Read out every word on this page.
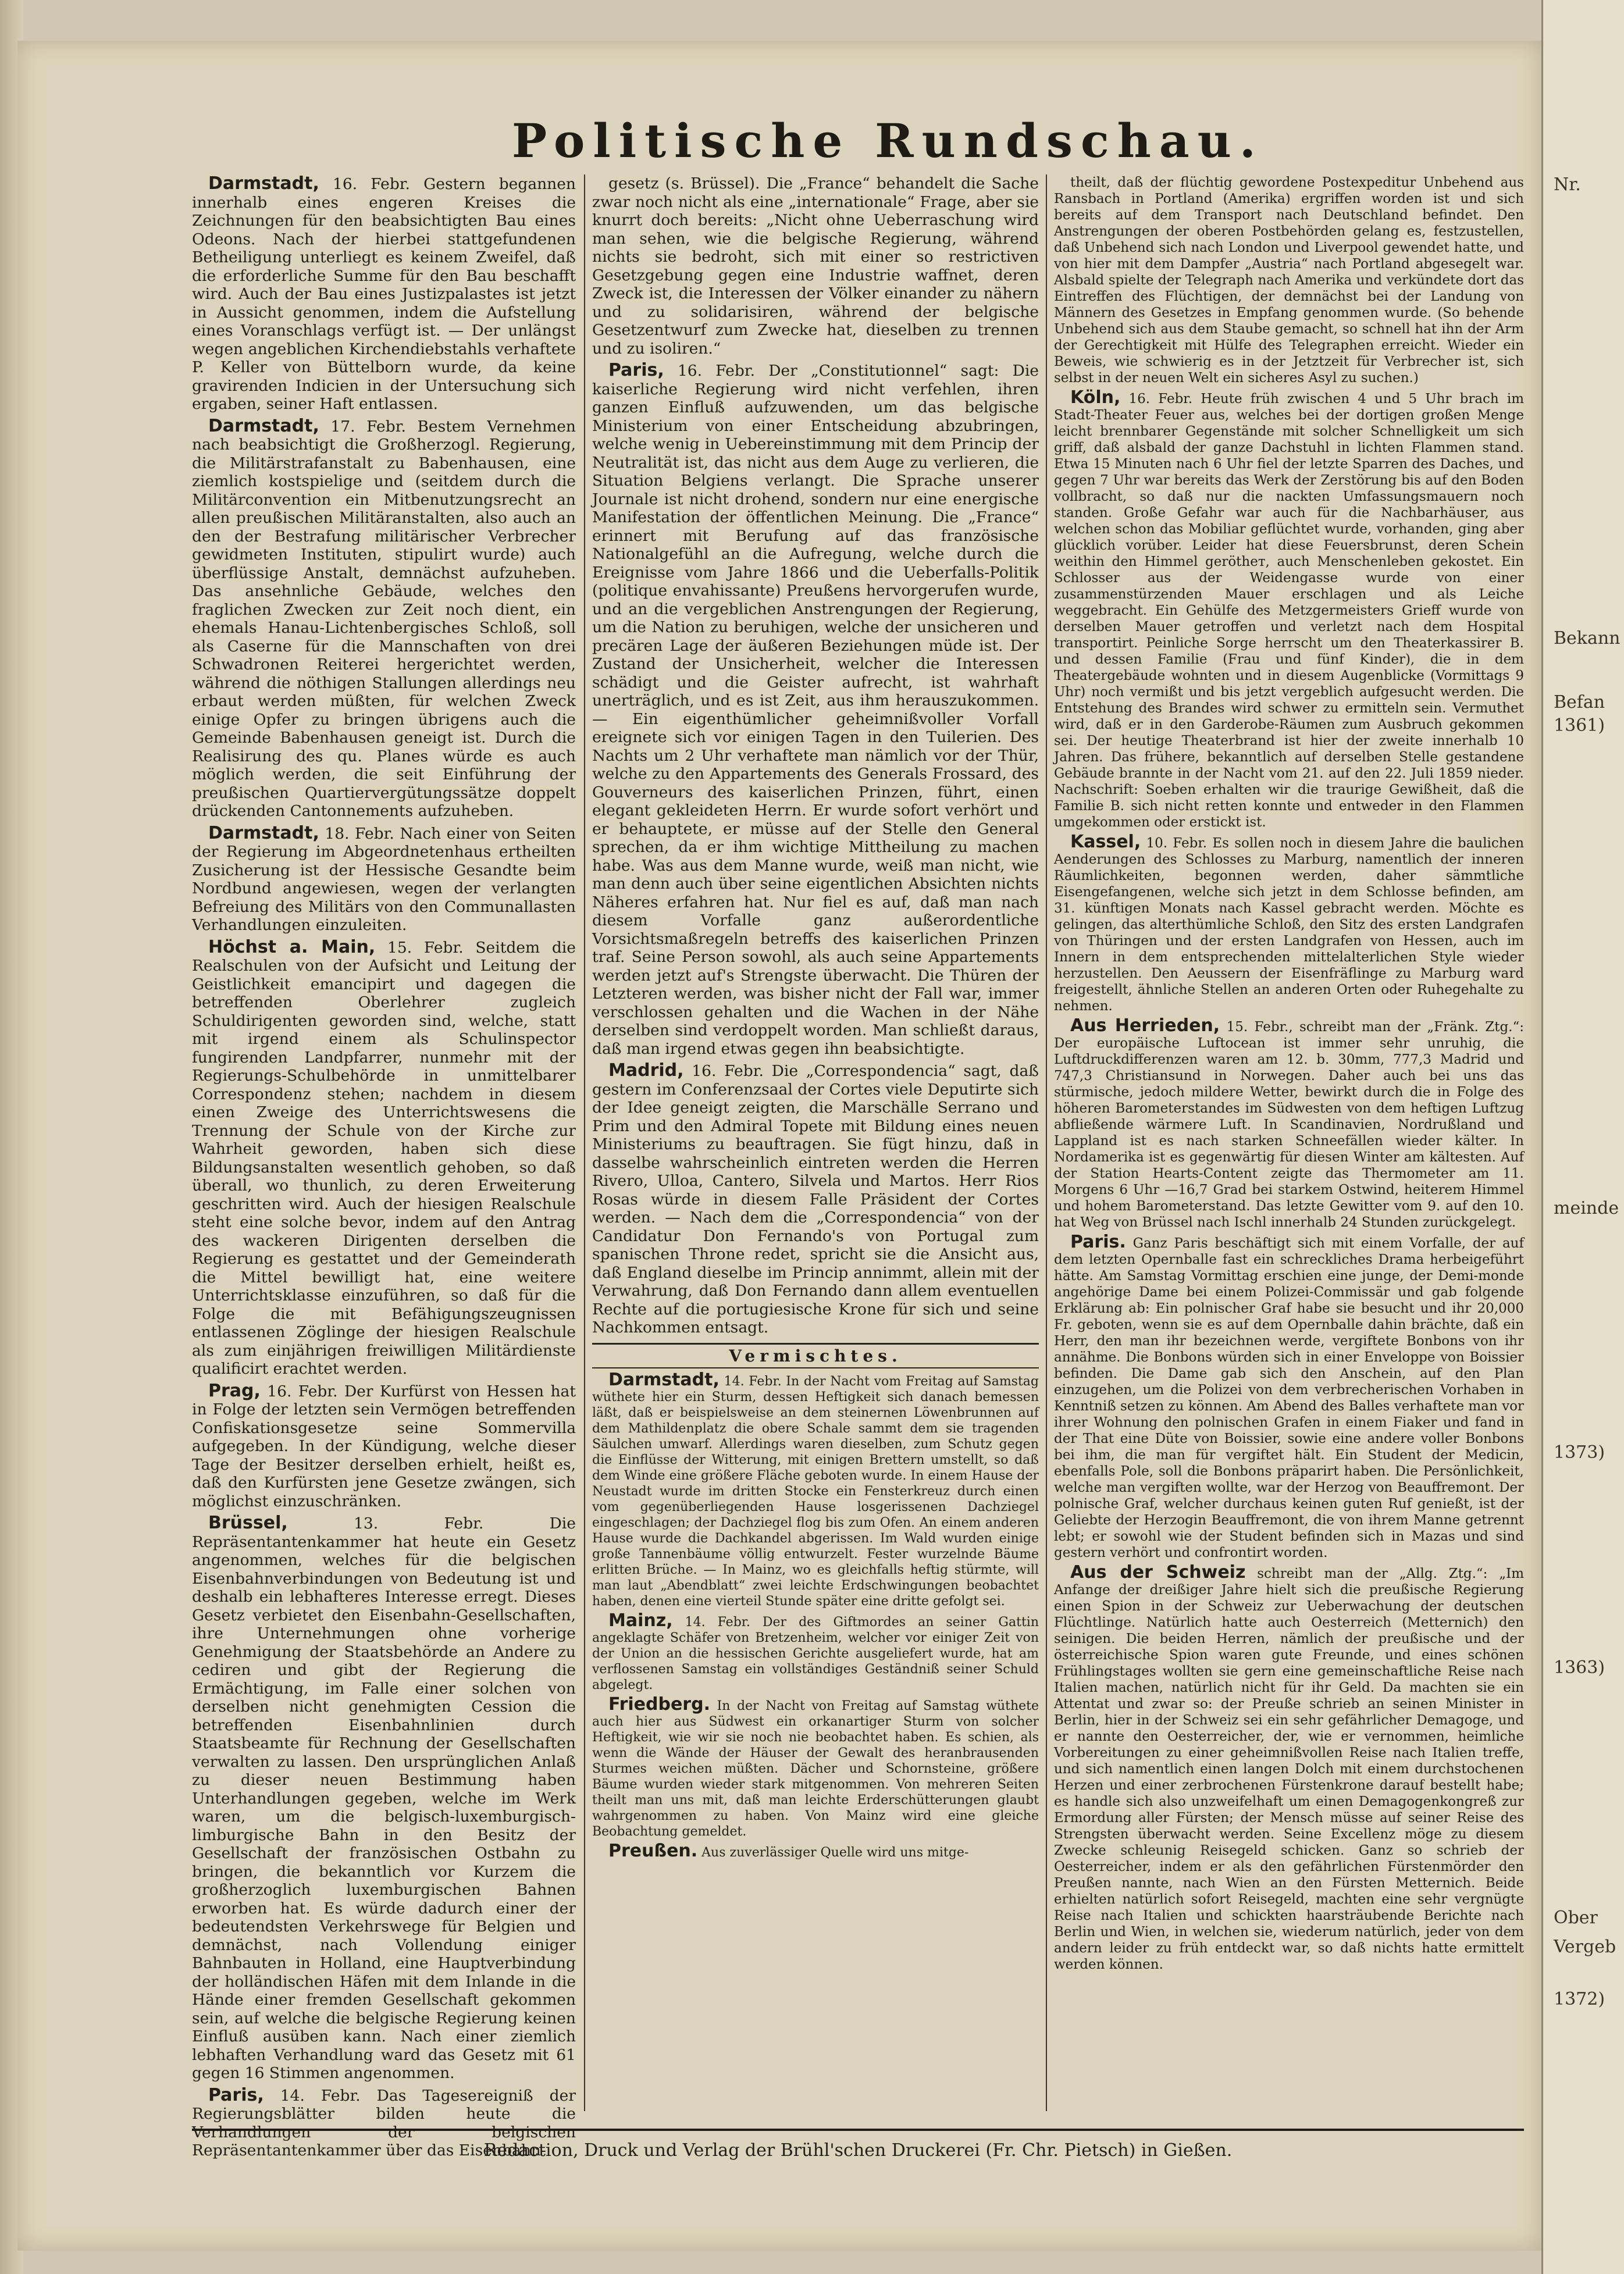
Politische Rundschau.

Darmstadt, 16. Febr. Gestern begannen innerhalb eines engeren Kreises die Zeichnungen für den beabsichtigten Bau eines Odeons. Nach der hierbei stattgefundenen Betheiligung unterliegt es keinem Zweifel, daß die erforderliche Summe für den Bau beschafft wird. Auch der Bau eines Justizpalastes ist jetzt in Aussicht genommen, indem die Aufstellung eines Voranschlags verfügt ist. — Der unlängst wegen angeblichen Kirchendiebstahls verhaftete P. Keller von Büttelborn wurde, da keine gravirenden Indicien in der Untersuchung sich ergaben, seiner Haft entlassen.

Darmstadt, 17. Febr. Bestem Vernehmen nach beabsichtigt die Großherzogl. Regierung, die Militärstrafanstalt zu Babenhausen, eine ziemlich kostspielige und (seitdem durch die Militärconvention ein Mitbenutzungsrecht an allen preußischen Militäranstalten, also auch an den der Bestrafung militärischer Verbrecher gewidmeten Instituten, stipulirt wurde) auch überflüssige Anstalt, demnächst aufzuheben. Das ansehnliche Gebäude, welches den fraglichen Zwecken zur Zeit noch dient, ein ehemals Hanau-Lichtenbergisches Schloß, soll als Caserne für die Mannschaften von drei Schwadronen Reiterei hergerichtet werden, während die nöthigen Stallungen allerdings neu erbaut werden müßten, für welchen Zweck einige Opfer zu bringen übrigens auch die Gemeinde Babenhausen geneigt ist. Durch die Realisirung des qu. Planes würde es auch möglich werden, die seit Einführung der preußischen Quartiervergütungssätze doppelt drückenden Cantonnements aufzuheben.

Darmstadt, 18. Febr. Nach einer von Seiten der Regierung im Abgeordnetenhaus ertheilten Zusicherung ist der Hessische Gesandte beim Nordbund angewiesen, wegen der verlangten Befreiung des Militärs von den Communallasten Verhandlungen einzuleiten.

Höchst a. Main, 15. Febr. Seitdem die Realschulen von der Aufsicht und Leitung der Geistlichkeit emancipirt und dagegen die betreffenden Oberlehrer zugleich Schuldirigenten geworden sind, welche, statt mit irgend einem als Schulinspector fungirenden Landpfarrer, nunmehr mit der Regierungs-Schulbehörde in unmittelbarer Correspondenz stehen; nachdem in diesem einen Zweige des Unterrichtswesens die Trennung der Schule von der Kirche zur Wahrheit geworden, haben sich diese Bildungsanstalten wesentlich gehoben, so daß überall, wo thunlich, zu deren Erweiterung geschritten wird. Auch der hiesigen Realschule steht eine solche bevor, indem auf den Antrag des wackeren Dirigenten derselben die Regierung es gestattet und der Gemeinderath die Mittel bewilligt hat, eine weitere Unterrichtsklasse einzuführen, so daß für die Folge die mit Befähigungszeugnissen entlassenen Zöglinge der hiesigen Realschule als zum einjährigen freiwilligen Militärdienste qualificirt erachtet werden.

Prag, 16. Febr. Der Kurfürst von Hessen hat in Folge der letzten sein Vermögen betreffenden Confiskationsgesetze seine Sommervilla aufgegeben. In der Kündigung, welche dieser Tage der Besitzer derselben erhielt, heißt es, daß den Kurfürsten jene Gesetze zwängen, sich möglichst einzuschränken.

Brüssel,	13. Febr.	Die Repräsentantenkammer hat heute ein Gesetz angenommen, welches für die belgischen Eisenbahnverbindungen von Bedeutung ist und deshalb ein lebhafteres Interesse erregt. Dieses Gesetz verbietet den Eisenbahn-Gesellschaften, ihre Unternehmungen ohne vorherige Genehmigung der Staatsbehörde an Andere zu cediren und gibt der Regierung die Ermächtigung, im Falle einer solchen von derselben nicht genehmigten Cession die betreffenden Eisenbahnlinien durch Staatsbeamte für Rechnung der Gesellschaften verwalten zu lassen. Den ursprünglichen Anlaß zu dieser neuen Bestimmung haben Unterhandlungen gegeben, welche im Werk waren, um die belgisch-luxemburgisch-limburgische Bahn in den Besitz der Gesellschaft der französischen Ostbahn zu bringen, die bekanntlich vor Kurzem die großherzoglich luxemburgischen Bahnen erworben hat. Es würde dadurch einer der bedeutendsten Verkehrswege für Belgien und demnächst, nach Vollendung einiger Bahnbauten in Holland, eine Hauptverbindung der holländischen Häfen mit dem Inlande in die Hände einer fremden Gesellschaft gekommen sein, auf welche die belgische Regierung keinen Einfluß ausüben kann. Nach einer ziemlich lebhaften Verhandlung ward das Gesetz mit 61 gegen 16 Stimmen angenommen.

Paris, 14. Febr. Das Tagesereigniß der Regierungsblätter bilden heute die Verhandlungen der belgischen Repräsentantenkammer über das Eisenbahn-

gesetz (s. Brüssel). Die „France“ behandelt die Sache zwar noch nicht als eine „internationale“ Frage, aber sie knurrt doch bereits: „Nicht ohne Ueberraschung wird man sehen, wie die belgische Regierung, während nichts sie bedroht, sich mit einer so restrictiven Gesetzgebung gegen eine Industrie waffnet, deren Zweck ist, die Interessen der Völker einander zu nähern und zu solidarisiren, während der belgische Gesetzentwurf zum Zwecke hat, dieselben zu trennen und zu isoliren.“

Paris, 16. Febr. Der „Constitutionnel“ sagt: Die kaiserliche Regierung wird nicht verfehlen, ihren ganzen Einfluß aufzuwenden, um das belgische Ministerium von einer Entscheidung abzubringen, welche wenig in Uebereinstimmung mit dem Princip der Neutralität ist, das nicht aus dem Auge zu verlieren, die Situation Belgiens verlangt. Die Sprache unserer Journale ist nicht drohend, sondern nur eine energische Manifestation der öffentlichen Meinung. Die „France“ erinnert mit Berufung auf das französische Nationalgefühl an die Aufregung, welche durch die Ereignisse vom Jahre 1866 und die Ueberfalls-Politik (politique envahissante) Preußens hervorgerufen wurde, und an die vergeblichen Anstrengungen der Regierung, um die Nation zu beruhigen, welche der unsicheren und precären Lage der äußeren Beziehungen müde ist. Der Zustand der Unsicherheit, welcher die Interessen schädigt und die Geister aufrecht, ist wahrhaft unerträglich, und es ist Zeit, aus ihm herauszukommen. — Ein eigenthümlicher geheimnißvoller Vorfall ereignete sich vor einigen Tagen in den Tuilerien. Des Nachts um 2 Uhr verhaftete man nämlich vor der Thür, welche zu den Appartements des Generals Frossard, des Gouverneurs des kaiserlichen Prinzen, führt, einen elegant gekleideten Herrn. Er wurde sofort verhört und er behauptete, er müsse auf der Stelle den General sprechen, da er ihm wichtige Mittheilung zu machen habe. Was aus dem Manne wurde, weiß man nicht, wie man denn auch über seine eigentlichen Absichten nichts Näheres erfahren hat. Nur fiel es auf, daß man nach diesem Vorfalle ganz außerordentliche Vorsichtsmaßregeln betreffs des kaiserlichen Prinzen traf. Seine Person sowohl, als auch seine Appartements werden jetzt auf's Strengste überwacht. Die Thüren der Letzteren werden, was bisher nicht der Fall war, immer verschlossen gehalten und die Wachen in der Nähe derselben sind verdoppelt worden. Man schließt daraus, daß man irgend etwas gegen ihn beabsichtigte.

Madrid, 16. Febr. Die „Correspondencia“ sagt, daß gestern im Conferenzsaal der Cortes viele Deputirte sich der Idee geneigt zeigten, die Marschälle Serrano und Prim und den Admiral Topete mit Bildung eines neuen Ministeriums zu beauftragen. Sie fügt hinzu, daß in dasselbe wahrscheinlich eintreten werden die Herren Rivero, Ulloa, Cantero, Silvela und Martos. Herr Rios Rosas würde in diesem Falle Präsident der Cortes werden. — Nach dem die „Correspondencia“ von der Candidatur Don Fernando's von Portugal zum spanischen Throne redet, spricht sie die Ansicht aus, daß England dieselbe im Princip annimmt, allein mit der Verwahrung, daß Don Fernando dann allem eventuellen Rechte auf die portugiesische Krone für sich und seine Nachkommen entsagt.

Vermischtes.

Darmstadt, 14. Febr. In der Nacht vom Freitag auf Samstag wüthete hier ein Sturm, dessen Heftigkeit sich danach bemessen läßt, daß er beispielsweise an dem steinernen Löwenbrunnen auf dem Mathildenplatz die obere Schale sammt dem sie tragenden Säulchen umwarf. Allerdings waren dieselben, zum Schutz gegen die Einflüsse der Witterung, mit einigen Brettern umstellt, so daß dem Winde eine größere Fläche geboten wurde. In einem Hause der Neustadt wurde im dritten Stocke ein Fensterkreuz durch einen vom gegenüberliegenden Hause losgerissenen Dachziegel eingeschlagen; der Dachziegel flog bis zum Ofen. An einem anderen Hause wurde die Dachkandel abgerissen. Im Wald wurden einige große Tannenbäume völlig entwurzelt. Fester wurzelnde Bäume erlitten Brüche. — In Mainz, wo es gleichfalls heftig stürmte, will man laut „Abendblatt“ zwei leichte Erdschwingungen beobachtet haben, denen eine vierteil Stunde später eine dritte gefolgt sei.

Mainz, 14. Febr. Der des Giftmordes an seiner Gattin angeklagte Schäfer von Bretzenheim, welcher vor einiger Zeit von der Union an die hessischen Gerichte ausgeliefert wurde, hat am verflossenen Samstag ein vollständiges Geständniß seiner Schuld abgelegt.

Friedberg. In der Nacht von Freitag auf Samstag wüthete auch hier aus Südwest ein orkanartiger Sturm von solcher Heftigkeit, wie wir sie noch nie beobachtet haben. Es schien, als wenn die Wände der Häuser der Gewalt des heranbrausenden Sturmes weichen müßten. Dächer und Schornsteine, größere Bäume wurden wieder stark mitgenommen. Von mehreren Seiten theilt man uns mit, daß man leichte Erderschütterungen glaubt wahrgenommen zu haben. Von Mainz wird eine gleiche Beobachtung gemeldet.

Preußen. Aus zuverlässiger Quelle wird uns mitge-

theilt, daß der flüchtig gewordene Postexpeditur Unbehend aus Ransbach in Portland (Amerika) ergriffen worden ist und sich bereits auf dem Transport nach Deutschland befindet. Den Anstrengungen der oberen Postbehörden gelang es, festzustellen, daß Unbehend sich nach London und Liverpool gewendet hatte, und von hier mit dem Dampfer „Austria“ nach Portland abgesegelt war. Alsbald spielte der Telegraph nach Amerika und verkündete dort das Eintreffen des Flüchtigen, der demnächst bei der Landung von Männern des Gesetzes in Empfang genommen wurde. (So behende Unbehend sich aus dem Staube gemacht, so schnell hat ihn der Arm der Gerechtigkeit mit Hülfe des Telegraphen erreicht. Wieder ein Beweis, wie schwierig es in der Jetztzeit für Verbrecher ist, sich selbst in der neuen Welt ein sicheres Asyl zu suchen.)

Köln, 16. Febr. Heute früh zwischen 4 und 5 Uhr brach im Stadt-Theater Feuer aus, welches bei der dortigen großen Menge leicht brennbarer Gegenstände mit solcher Schnelligkeit um sich griff, daß alsbald der ganze Dachstuhl in lichten Flammen stand. Etwa 15 Minuten nach 6 Uhr fiel der letzte Sparren des Daches, und gegen 7 Uhr war bereits das Werk der Zerstörung bis auf den Boden vollbracht, so daß nur die nackten Umfassungsmauern noch standen. Große Gefahr war auch für die Nachbarhäuser, aus welchen schon das Mobiliar geflüchtet wurde, vorhanden, ging aber glücklich vorüber. Leider hat diese Feuersbrunst, deren Schein weithin den Himmel gerötheт, auch Menschenleben gekostet. Ein Schlosser aus der Weidengasse wurde von einer zusammenstürzenden Mauer erschlagen und als Leiche weggebracht. Ein Gehülfe des Metzgermeisters Grieff wurde von derselben Mauer getroffen und verletzt nach dem Hospital transportirt. Peinliche Sorge herrscht um den Theaterkassirer B. und dessen Familie (Frau und fünf Kinder), die in dem Theatergebäude wohnten und in diesem Augenblicke (Vormittags 9 Uhr) noch vermißt und bis jetzt vergeblich aufgesucht werden. Die Entstehung des Brandes wird schwer zu ermitteln sein. Vermuthet wird, daß er in den Garderobe-Räumen zum Ausbruch gekommen sei. Der heutige Theaterbrand ist hier der zweite innerhalb 10 Jahren. Das frühere, bekanntlich auf derselben Stelle gestandene Gebäude brannte in der Nacht vom 21. auf den 22. Juli 1859 nieder. Nachschrift: Soeben erhalten wir die traurige Gewißheit, daß die Familie B. sich nicht retten konnte und entweder in den Flammen umgekommen oder erstickt ist.

Kassel, 10. Febr. Es sollen noch in diesem Jahre die baulichen Aenderungen des Schlosses zu Marburg, namentlich der inneren Räumlichkeiten, begonnen werden, daher sämmtliche Eisengefangenen, welche sich jetzt in dem Schlosse befinden, am 31. künftigen Monats nach Kassel gebracht werden. Möchte es gelingen, das alterthümliche Schloß, den Sitz des ersten Landgrafen von Thüringen und der ersten Landgrafen von Hessen, auch im Innern in dem entsprechenden mittelalterlichen Style wieder herzustellen. Den Aeussern der Eisenfräflinge zu Marburg ward freigestellt, ähnliche Stellen an anderen Orten oder Ruhegehalte zu nehmen.

Aus Herrieden, 15. Febr., schreibt man der „Fränk. Ztg.“: Der europäische Luftocean ist immer sehr unruhig, die Luftdruckdifferenzen waren am 12. b. 30mm, 777,3 Madrid und 747,3 Christiansund in Norwegen. Daher auch bei uns das stürmische, jedoch mildere Wetter, bewirkt durch die in Folge des höheren Barometerstandes im Südwesten von dem heftigen Luftzug abfließende wärmere Luft. In Scandinavien, Nordrußland und Lappland ist es nach starken Schneefällen wieder kälter. In Nordamerika ist es gegenwärtig für diesen Winter am kältesten. Auf der Station Hearts-Content zeigte das Thermometer am 11. Morgens 6 Uhr —16,7 Grad bei starkem Ostwind, heiterem Himmel und hohem Barometerstand. Das letzte Gewitter vom 9. auf den 10. hat Weg von Brüssel nach Ischl innerhalb 24 Stunden zurückgelegt.

Paris. Ganz Paris beschäftigt sich mit einem Vorfalle, der auf dem letzten Opernballe fast ein schreckliches Drama herbeigeführt hätte. Am Samstag Vormittag erschien eine junge, der Demi-monde angehörige Dame bei einem Polizei-Commissär und gab folgende Erklärung ab: Ein polnischer Graf habe sie besucht und ihr 20,000 Fr. geboten, wenn sie es auf dem Opernballe dahin brächte, daß ein Herr, den man ihr bezeichnen werde, vergiftete Bonbons von ihr annähme. Die Bonbons würden sich in einer Enveloppe von Boissier befinden. Die Dame gab sich den Anschein, auf den Plan einzugehen, um die Polizei von dem verbrecherischen Vorhaben in Kenntniß setzen zu können. Am Abend des Balles verhaftete man vor ihrer Wohnung den polnischen Grafen in einem Fiaker und fand in der That eine Düte von Boissier, sowie eine andere voller Bonbons bei ihm, die man für vergiftet hält. Ein Student der Medicin, ebenfalls Pole, soll die Bonbons präparirt haben. Die Persönlichkeit, welche man vergiften wollte, war der Herzog von Beauffremont. Der polnische Graf, welcher durchaus keinen guten Ruf genießt, ist der Geliebte der Herzogin Beauffremont, die von ihrem Manne getrennt lebt; er sowohl wie der Student befinden sich in Mazas und sind gestern verhört und confrontirt worden.

Aus der Schweiz schreibt man der „Allg. Ztg.“: „Im Anfange der dreißiger Jahre hielt sich die preußische Regierung einen Spion in der Schweiz zur Ueberwachung der deutschen Flüchtlinge. Natürlich hatte auch Oesterreich (Metternich) den seinigen. Die beiden Herren, nämlich der preußische und der österreichische Spion waren gute Freunde, und eines schönen Frühlingstages wollten sie gern eine gemeinschaftliche Reise nach Italien machen, natürlich nicht für ihr Geld. Da machten sie ein Attentat und zwar so: der Preuße schrieb an seinen Minister in Berlin, hier in der Schweiz sei ein sehr gefährlicher Demagoge, und er nannte den Oesterreicher, der, wie er vernommen, heimliche Vorbereitungen zu einer geheimnißvollen Reise nach Italien treffe, und sich namentlich einen langen Dolch mit einem durchstochenen Herzen und einer zerbrochenen Fürstenkrone darauf bestellt habe; es handle sich also unzweifelhaft um einen Demagogenkongreß zur Ermordung aller Fürsten; der Mensch müsse auf seiner Reise des Strengsten überwacht werden. Seine Excellenz möge zu diesem Zwecke schleunig Reisegeld schicken. Ganz so schrieb der Oesterreicher, indem er als den gefährlichen Fürstenmörder den Preußen nannte, nach Wien an den Fürsten Metternich. Beide erhielten natürlich sofort Reisegeld, machten eine sehr vergnügte Reise nach Italien und schickten haarsträubende Berichte nach Berlin und Wien, in welchen sie, wiederum natürlich, jeder von dem andern leider zu früh entdeckt war, so daß nichts hatte ermittelt werden können.

Redaction, Druck und Verlag der Brühl'schen Druckerei (Fr. Chr. Pietsch) in Gießen.
Nr.
Bekann
Befan
1361)
meinde
1373)
1363)
Ober
Vergeb
1372)
